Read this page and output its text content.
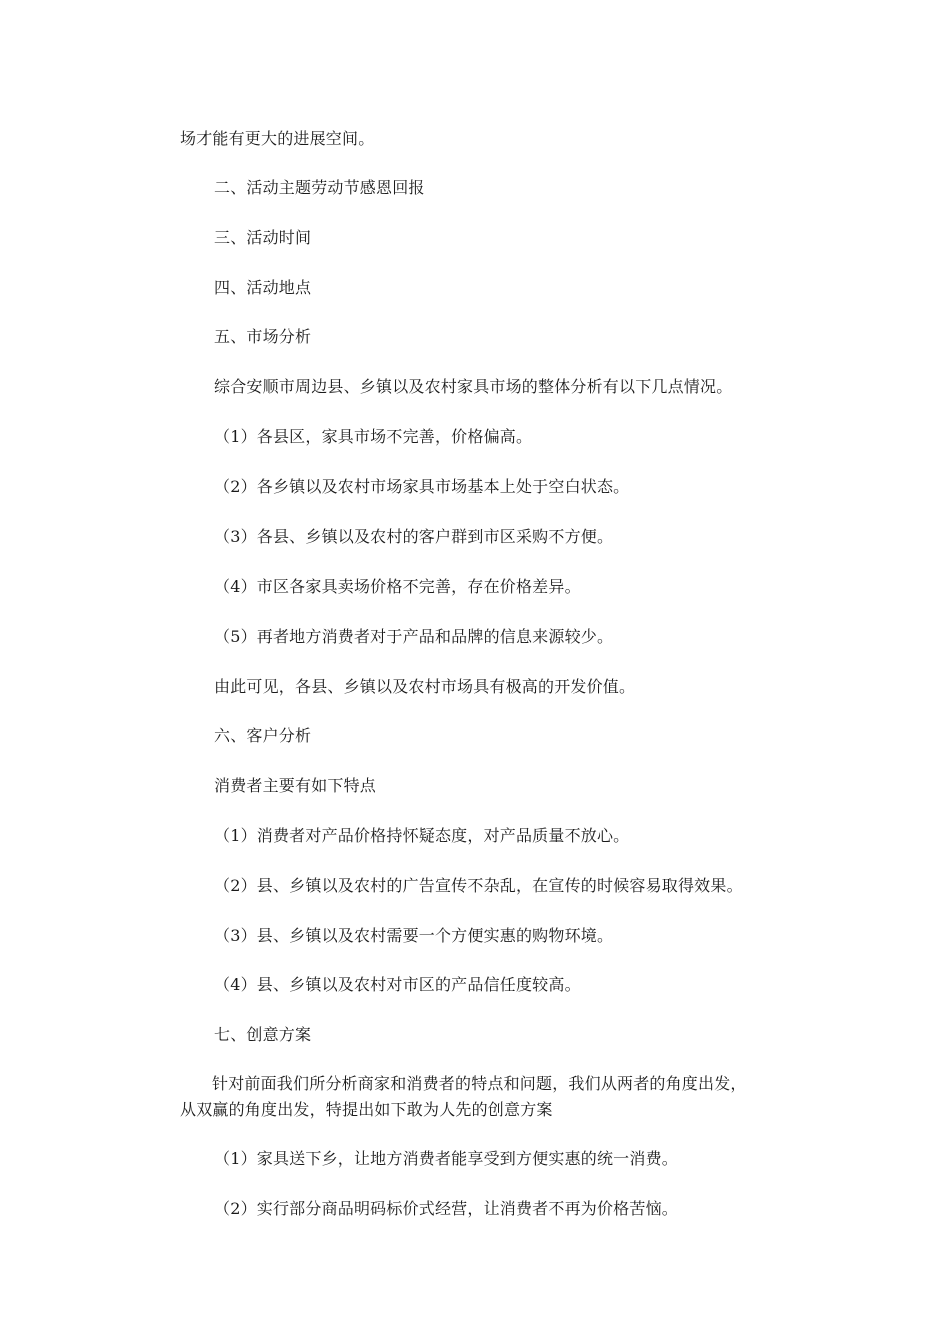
场才能有更大的进展空间。
二、活动主题劳动节感恩回报
三、活动时间
四、活动地点
五、市场分析
综合安顺市周边县、乡镇以及农村家具市场的整体分析有以下几点情况。
（1）各县区，家具市场不完善，价格偏高。
（2）各乡镇以及农村市场家具市场基本上处于空白状态。
（3）各县、乡镇以及农村的客户群到市区采购不方便。
（4）市区各家具卖场价格不完善，存在价格差异。
（5）再者地方消费者对于产品和品牌的信息来源较少。
由此可见，各县、乡镇以及农村市场具有极高的开发价值。
六、客户分析
消费者主要有如下特点
（1）消费者对产品价格持怀疑态度，对产品质量不放心。
（2）县、乡镇以及农村的广告宣传不杂乱，在宣传的时候容易取得效果。
（3）县、乡镇以及农村需要一个方便实惠的购物环境。
（4）县、乡镇以及农村对市区的产品信任度较高。
七、创意方案
针对前面我们所分析商家和消费者的特点和问题，我们从两者的角度出发，
从双赢的角度出发，特提出如下敢为人先的创意方案
（1）家具送下乡，让地方消费者能享受到方便实惠的统一消费。
（2）实行部分商品明码标价式经营，让消费者不再为价格苦恼。
